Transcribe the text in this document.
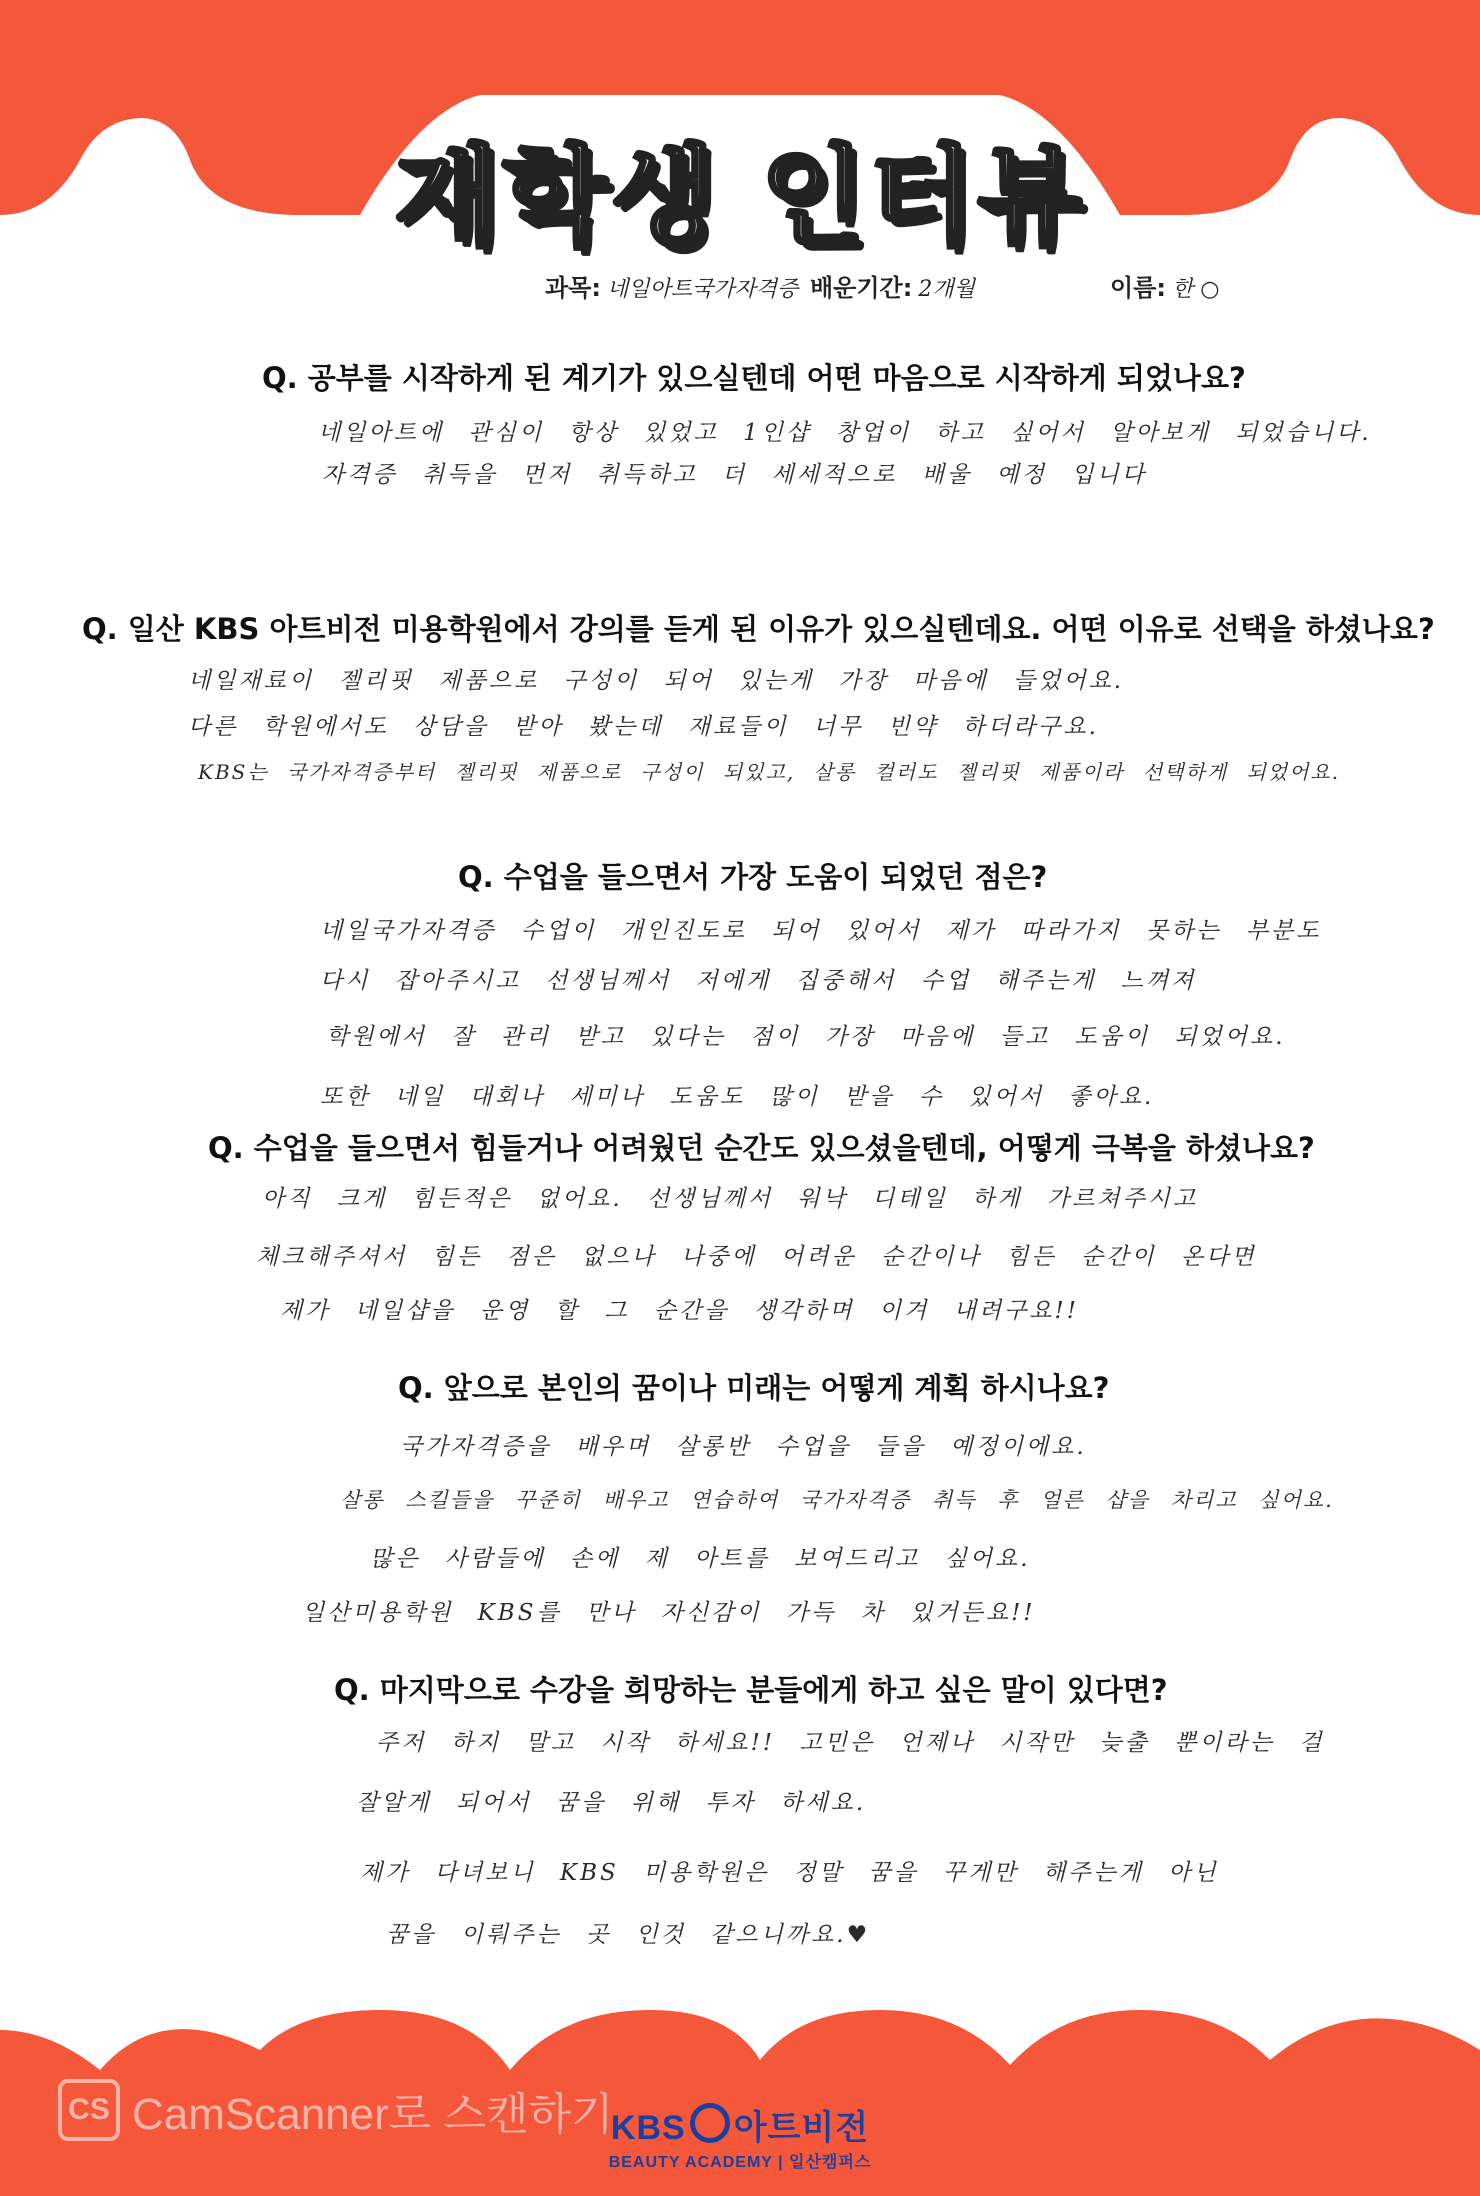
재학생 인터뷰
과목: 네일아트국가자격증 배운기간: 2개월	이름: 한 ○
Q. 공부를 시작하게 된 계기가 있으실텐데 어떤 마음으로 시작하게 되었나요?
네일아트에 관심이 항상 있었고 1인샵 창업이 하고 싶어서 알아보게 되었습니다.
자격증 취득을 먼저 취득하고 더 세세적으로 배울 예정 입니다
Q. 일산 KBS 아트비전 미용학원에서 강의를 듣게 된 이유가 있으실텐데요. 어떤 이유로 선택을 하셨나요?
네일재료이 젤리핏 제품으로 구성이 되어 있는게 가장 마음에 들었어요.
다른 학원에서도 상담을 받아 봤는데 재료들이 너무 빈약 하더라구요.
KBS는 국가자격증부터 젤리핏 제품으로 구성이 되있고, 살롱 컬러도 젤리핏 제품이라 선택하게 되었어요.
Q. 수업을 들으면서 가장 도움이 되었던 점은?
네일국가자격증 수업이 개인진도로 되어 있어서 제가 따라가지 못하는 부분도
다시 잡아주시고 선생님께서 저에게 집중해서 수업 해주는게 느껴져
학원에서 잘 관리 받고 있다는 점이 가장 마음에 들고 도움이 되었어요.
또한 네일 대회나 세미나 도움도 많이 받을 수 있어서 좋아요.
Q. 수업을 들으면서 힘들거나 어려웠던 순간도 있으셨을텐데, 어떻게 극복을 하셨나요?
아직 크게 힘든적은 없어요. 선생님께서 워낙 디테일 하게 가르쳐주시고
체크해주셔서 힘든 점은 없으나 나중에 어려운 순간이나 힘든 순간이 온다면
제가 네일샵을 운영 할 그 순간을 생각하며 이겨 내려구요!!
Q. 앞으로 본인의 꿈이나 미래는 어떻게 계획 하시나요?
국가자격증을 배우며 살롱반 수업을 들을 예정이에요.
살롱 스킬들을 꾸준히 배우고 연습하여 국가자격증 취득 후 얼른 샵을 차리고 싶어요.
많은 사람들에 손에 제 아트를 보여드리고 싶어요.
일산미용학원 KBS를 만나 자신감이 가득 차 있거든요!!
Q. 마지막으로 수강을 희망하는 분들에게 하고 싶은 말이 있다면?
주저 하지 말고 시작 하세요!! 고민은 언제나 시작만 늦출 뿐이라는 걸
잘알게 되어서 꿈을 위해 투자 하세요.
제가 다녀보니 KBS 미용학원은 정말 꿈을 꾸게만 해주는게 아닌
꿈을 이뤄주는 곳 인것 같으니까요.♥
CS CamScanner로 스캔하기
KBS 아트비전
BEAUTY ACADEMY | 일산캠퍼스
